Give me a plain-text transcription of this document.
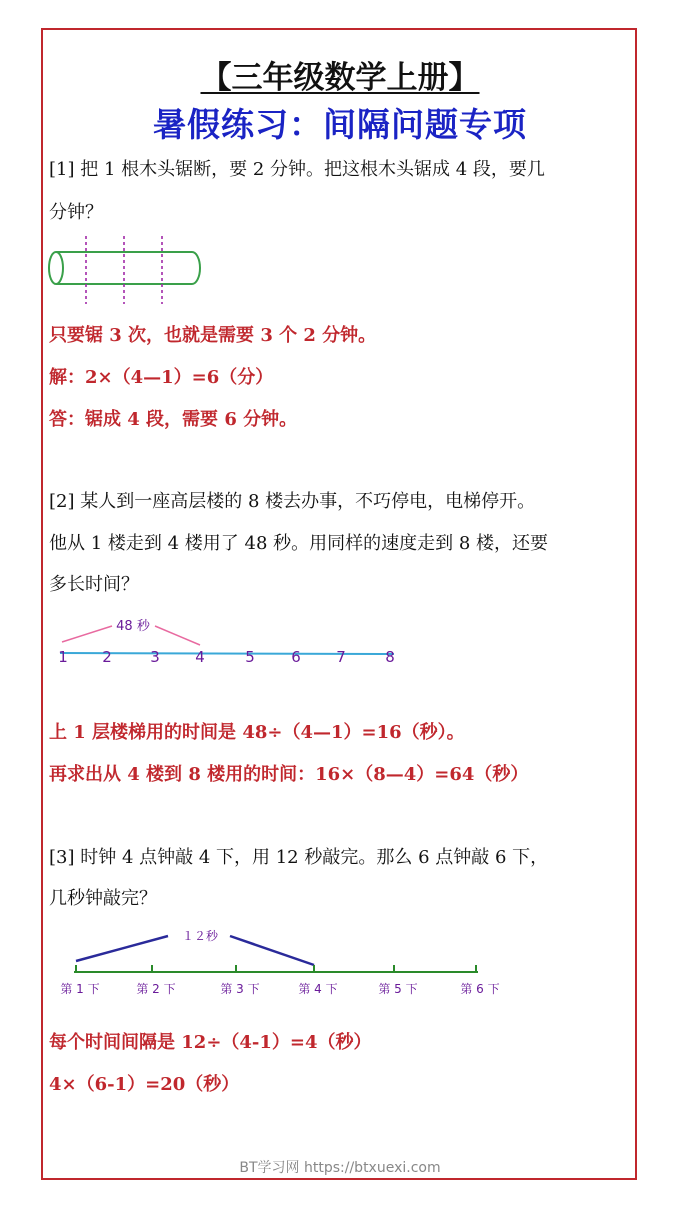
【三年级数学上册】
暑假练习：间隔问题专项
[1] 把 1 根木头锯断，要 2 分钟。把这根木头锯成 4 段，要几
分钟？
只要锯 3 次，也就是需要 3 个 2 分钟。
解：2×（4—1）=6（分）
答：锯成 4 段，需要 6 分钟。
[2] 某人到一座高层楼的 8 楼去办事，不巧停电，电梯停开。
他从 1 楼走到 4 楼用了 48 秒。用同样的速度走到 8 楼，还要
多长时间？
48 秒
1 2	3 4	5 6 7	8
上 1 层楼梯用的时间是 48÷（4—1）=16（秒）。
再求出从 4 楼到 8 楼用的时间：16×（8—4）=64（秒）
[3] 时钟 4 点钟敲 4 下，用 12 秒敲完。那么 6 点钟敲 6 下，
几秒钟敲完？
１２秒
第 1 下	第 2 下	第 3 下	第 4 下	第 5 下	第 6 下
每个时间间隔是 12÷（4-1）=4（秒）
4×（6-1）=20（秒）
BT学习网 https://btxuexi.com
